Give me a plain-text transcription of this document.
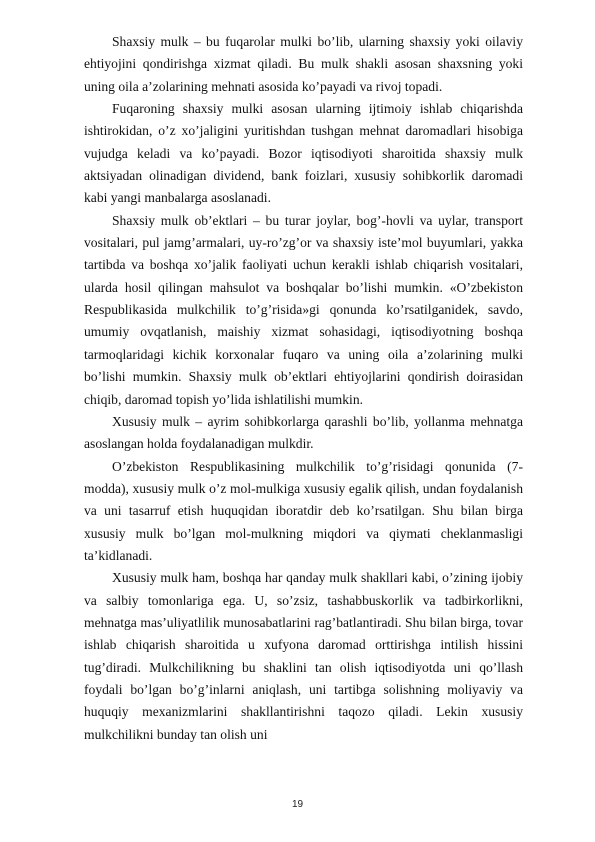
Shaxsiy mulk – bu fuqarolar mulki bo’lib, ularning shaxsiy yoki oilaviy ehtiyojini qondirishga xizmat qiladi. Bu mulk shakli asosan shaxsning yoki uning oila a’zolarining mehnati asosida ko’payadi va rivoj topadi.

Fuqaroning shaxsiy mulki asosan ularning ijtimoiy ishlab chiqarishda ishtirokidan, o’z xo’jaligini yuritishdan tushgan mehnat daromadlari hisobiga vujudga keladi va ko’payadi. Bozor iqtisodiyoti sharoitida shaxsiy mulk aktsiyadan olinadigan dividend, bank foizlari, xususiy sohibkorlik daromadi kabi yangi manbalarga asoslanadi.

Shaxsiy mulk ob’ektlari – bu turar joylar, bog’-hovli va uylar, transport vositalari, pul jamg’armalari, uy-ro’zg’or va shaxsiy iste’mol buyumlari, yakka tartibda va boshqa xo’jalik faoliyati uchun kerakli ishlab chiqarish vositalari, ularda hosil qilingan mahsulot va boshqalar bo’lishi mumkin. «O’zbekiston Respublikasida mulkchilik to’g’risida»gi qonunda ko’rsatilganidek, savdo, umumiy ovqatlanish, maishiy xizmat sohasidagi, iqtisodiyotning boshqa tarmoqlaridagi kichik korxonalar fuqaro va uning oila a’zolarining mulki bo’lishi mumkin. Shaxsiy mulk ob’ektlari ehtiyojlarini qondirish doirasidan chiqib, daromad topish yo’lida ishlatilishi mumkin.

Xususiy mulk – ayrim sohibkorlarga qarashli bo’lib, yollanma mehnatga asoslangan holda foydalanadigan mulkdir.

O’zbekiston Respublikasining mulkchilik to’g’risidagi qonunida (7-modda), xususiy mulk o’z mol-mulkiga xususiy egalik qilish, undan foydalanish va uni tasarruf etish huquqidan iboratdir deb ko’rsatilgan. Shu bilan birga xususiy mulk bo’lgan mol-mulkning miqdori va qiymati cheklanmasligi ta’kidlanadi.

Xususiy mulk ham, boshqa har qanday mulk shakllari kabi, o’zining ijobiy va salbiy tomonlariga ega. U, so’zsiz, tashabbuskorlik va tadbirkorlikni, mehnatga mas’uliyatlilik munosabatlarini rag’batlantiradi. Shu bilan birga, tovar ishlab chiqarish sharoitida u xufyona daromad orttirishga intilish hissini tug’diradi. Mulkchilikning bu shaklini tan olish iqtisodiyotda uni qo’llash foydali bo’lgan bo’g’inlarni aniqlash, uni tartibga solishning moliyaviy va huquqiy mexanizmlarini shakllantirishni taqozo qiladi. Lekin xususiy mulkchilikni bunday tan olish uni

19
